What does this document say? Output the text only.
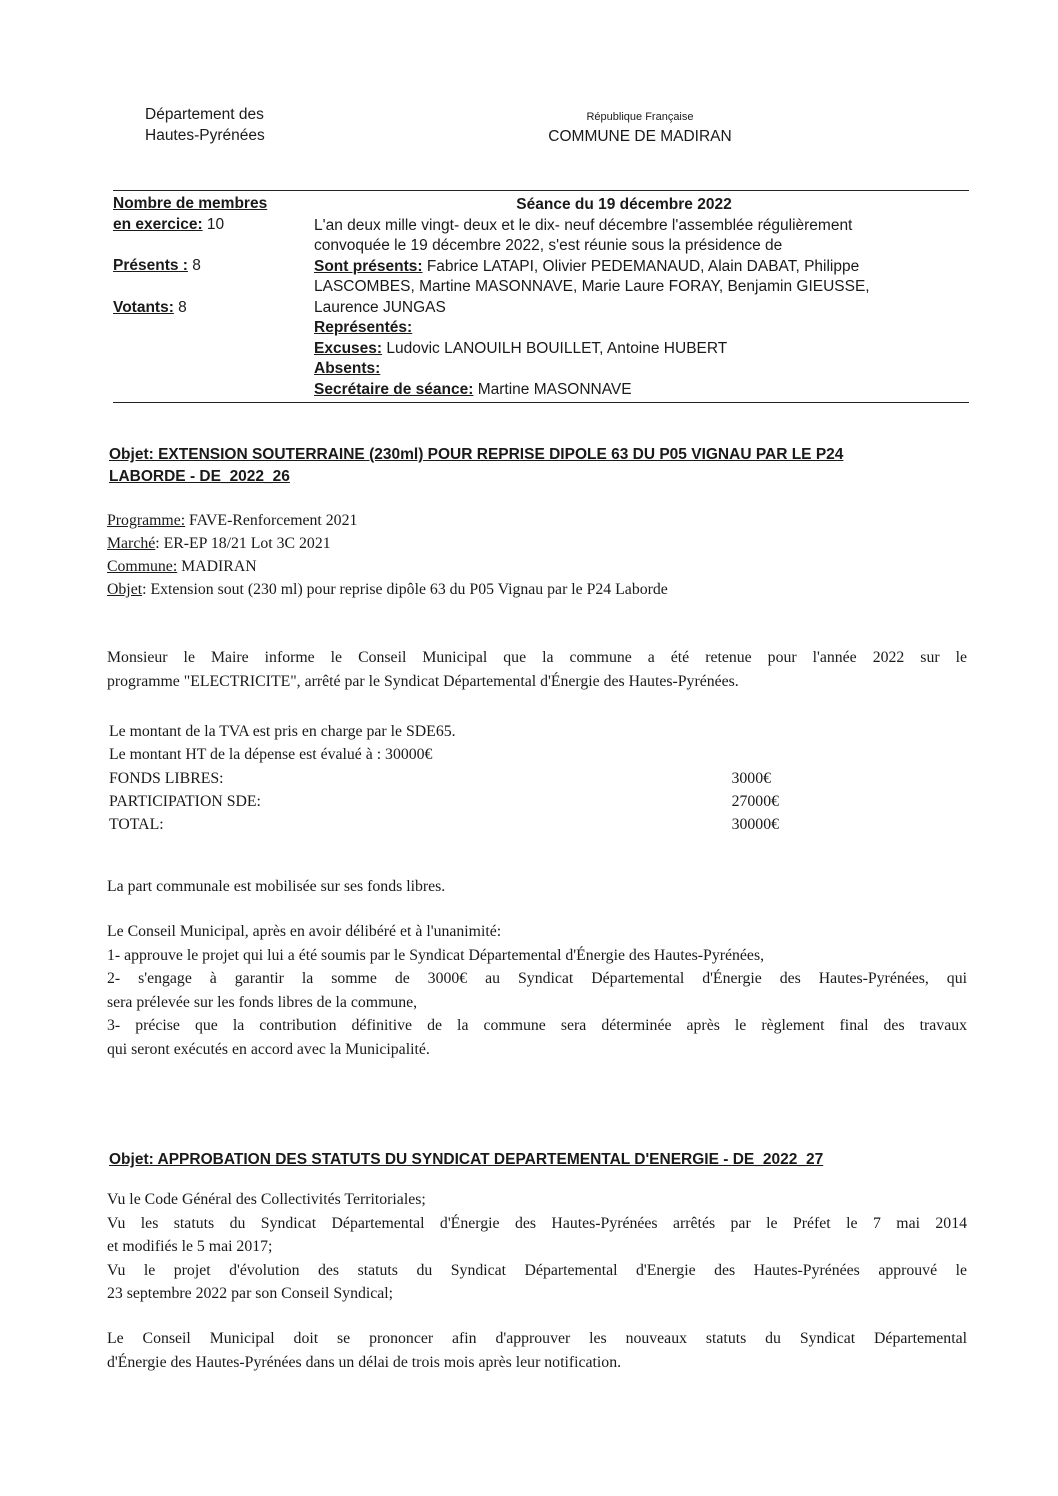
Département des
Hautes-Pyrénées
République Française
COMMUNE DE MADIRAN
Nombre de membres
en exercice: 10
Présents : 8
Votants: 8
Séance du 19 décembre 2022
L'an deux mille vingt- deux et le dix- neuf décembre l'assemblée régulièrement
convoquée le 19 décembre 2022, s'est réunie sous la présidence de
Sont présents: Fabrice LATAPI, Olivier PEDEMANAUD, Alain DABAT, Philippe
LASCOMBES, Martine MASONNAVE, Marie Laure FORAY, Benjamin GIEUSSE,
Laurence JUNGAS
Représentés:
Excuses: Ludovic LANOUILH BOUILLET, Antoine HUBERT
Absents:
Secrétaire de séance: Martine MASONNAVE
Objet: EXTENSION SOUTERRAINE (230ml) POUR REPRISE DIPOLE 63 DU P05 VIGNAU PAR LE P24
LABORDE - DE_2022_26
Programme: FAVE-Renforcement 2021
Marché: ER-EP 18/21 Lot 3C 2021
Commune: MADIRAN
Objet: Extension sout (230 ml) pour reprise dipôle 63 du P05 Vignau par le P24 Laborde
Monsieur le Maire informe le Conseil Municipal que la commune a été retenue pour l'année 2022 sur le
programme "ELECTRICITE", arrêté par le Syndicat Départemental d'Énergie des Hautes-Pyrénées.
Le montant de la TVA est pris en charge par le SDE65.
Le montant HT de la dépense est évalué à : 30000€
FONDS LIBRES:	3000€
PARTICIPATION SDE:	27000€
TOTAL:	30000€
La part communale est mobilisée sur ses fonds libres.
Le Conseil Municipal, après en avoir délibéré et à l'unanimité:
1- approuve le projet qui lui a été soumis par le Syndicat Départemental d'Énergie des Hautes-Pyrénées,
2- s'engage à garantir la somme de 3000€ au Syndicat Départemental d'Énergie des Hautes-Pyrénées, qui
sera prélevée sur les fonds libres de la commune,
3- précise que la contribution définitive de la commune sera déterminée après le règlement final des travaux
qui seront exécutés en accord avec la Municipalité.
Objet: APPROBATION DES STATUTS DU SYNDICAT DEPARTEMENTAL D'ENERGIE - DE_2022_27
Vu le Code Général des Collectivités Territoriales;
Vu les statuts du Syndicat Départemental d'Énergie des Hautes-Pyrénées arrêtés par le Préfet le 7 mai 2014
et modifiés le 5 mai 2017;
Vu le projet d'évolution des statuts du Syndicat Départemental d'Energie des Hautes-Pyrénées approuvé le
23 septembre 2022 par son Conseil Syndical;
Le Conseil Municipal doit se prononcer afin d'approuver les nouveaux statuts du Syndicat Départemental
d'Énergie des Hautes-Pyrénées dans un délai de trois mois après leur notification.
